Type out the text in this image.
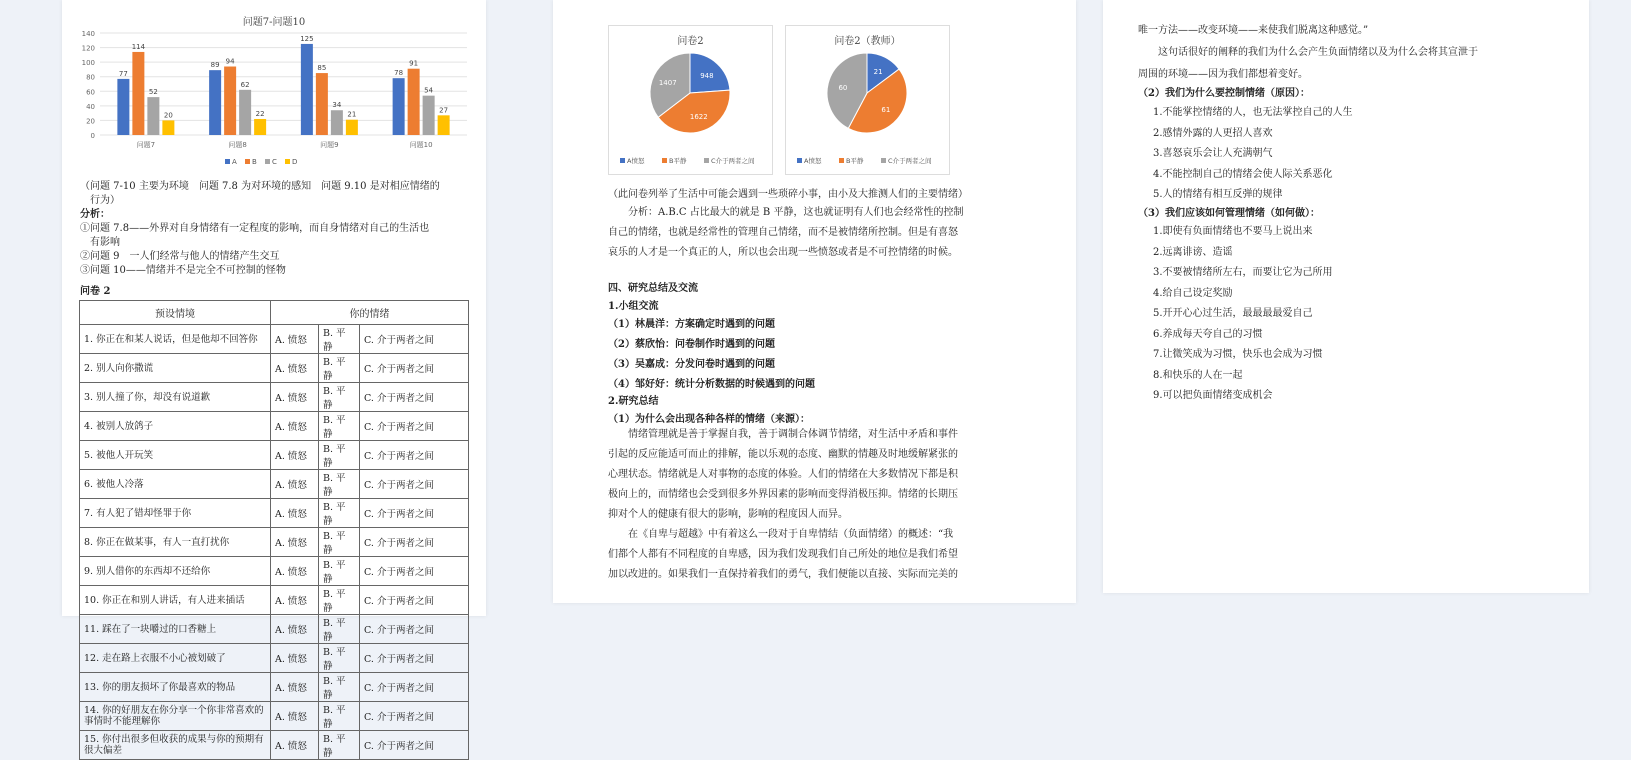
问题7-问题10
0
20
40
60
80
100
120
140
77
114
52
20
问题7
89 94
62
22
问题8
125
85
34
21
问题9
78
91
54
27
问题10
A B C D
（问题 7-10 主要为环境　问题 7.8 为对环境的感知　问题 9.10 是对相应情绪的
行为）
分析：
①问题 7.8——外界对自身情绪有一定程度的影响，而自身情绪对自己的生活也
有影响
②问题 9　一人们经常与他人的情绪产生交互
③问题 10——情绪并不是完全不可控制的怪物
问卷 2
预设情境	你的情绪		
1. 你正在和某人说话，但是他却不回答你	A. 愤怒	B. 平静	C. 介于两者之间
2. 别人向你撒谎	A. 愤怒	B. 平静	C. 介于两者之间
3. 别人撞了你，却没有说道歉	A. 愤怒	B. 平静	C. 介于两者之间
4. 被别人放鸽子	A. 愤怒	B. 平静	C. 介于两者之间
5. 被他人开玩笑	A. 愤怒	B. 平静	C. 介于两者之间
6. 被他人冷落	A. 愤怒	B. 平静	C. 介于两者之间
7. 有人犯了错却怪罪于你	A. 愤怒	B. 平静	C. 介于两者之间
8. 你正在做某事，有人一直打扰你	A. 愤怒	B. 平静	C. 介于两者之间
9. 别人借你的东西却不还给你	A. 愤怒	B. 平静	C. 介于两者之间
10. 你正在和别人讲话，有人进来插话	A. 愤怒	B. 平静	C. 介于两者之间
11. 踩在了一块嚼过的口香糖上	A. 愤怒	B. 平静	C. 介于两者之间
12. 走在路上衣服不小心被划破了	A. 愤怒	B. 平静	C. 介于两者之间
13. 你的朋友损坏了你最喜欢的物品	A. 愤怒	B. 平静	C. 介于两者之间
14. 你的好朋友在你分享一个你非常喜欢的事情时不能理解你	A. 愤怒	B. 平静	C. 介于两者之间
15. 你付出很多但收获的成果与你的预期有很大偏差	A. 愤怒	B. 平静	C. 介于两者之间
问卷2	问卷2（教师）
948
1622
1407
A愤怒	B平静	C介于两者之间
21
61
60
A愤怒	B平静	C介于两者之间
（此问卷列举了生活中可能会遇到一些琐碎小事，由小及大推测人们的主要情绪）
分析：A.B.C 占比最大的就是 B 平静，这也就证明有人们也会经常性的控制
自己的情绪，也就是经常性的管理自己情绪，而不是被情绪所控制。但是有喜怒
哀乐的人才是一个真正的人，所以也会出现一些愤怒或者是不可控情绪的时候。
四、研究总结及交流
1.小组交流
（1）林晨洋：方案确定时遇到的问题
（2）蔡欣怡：问卷制作时遇到的问题
（3）吴嘉成：分发问卷时遇到的问题
（4）邹好好：统计分析数据的时候遇到的问题
2.研究总结
（1）为什么会出现各种各样的情绪（来源）：
情绪管理就是善于掌握自我，善于调制合体调节情绪，对生活中矛盾和事件
引起的反应能适可而止的排解，能以乐观的态度、幽默的情趣及时地缓解紧张的
心理状态。情绪就是人对事物的态度的体验。人们的情绪在大多数情况下都是积
极向上的，而情绪也会受到很多外界因素的影响而变得消极压抑。情绪的长期压
抑对个人的健康有很大的影响，影响的程度因人而异。
在《自卑与超越》中有着这么一段对于自卑情结（负面情绪）的概述：“我
们都个人都有不同程度的自卑感，因为我们发现我们自己所处的地位是我们希望
加以改进的。如果我们一直保持着我们的勇气，我们便能以直接、实际而完美的
唯一方法——改变环境——来使我们脱离这种感觉。”
这句话很好的阐释的我们为什么会产生负面情绪以及为什么会将其宣泄于
周围的环境——因为我们都想着变好。
（2）我们为什么要控制情绪（原因）：
1.不能掌控情绪的人，也无法掌控自己的人生
2.感情外露的人更招人喜欢
3.喜怒哀乐会让人充满朝气
4.不能控制自己的情绪会使人际关系恶化
5.人的情绪有相互反弹的规律
（3）我们应该如何管理情绪（如何做）：
1.即使有负面情绪也不要马上说出来
2.远离诽谤、造谣
3.不要被情绪所左右，而要让它为己所用
4.给自己设定奖励
5.开开心心过生活，最最最最爱自己
6.养成每天夸自己的习惯
7.让微笑成为习惯，快乐也会成为习惯
8.和快乐的人在一起
9.可以把负面情绪变成机会
